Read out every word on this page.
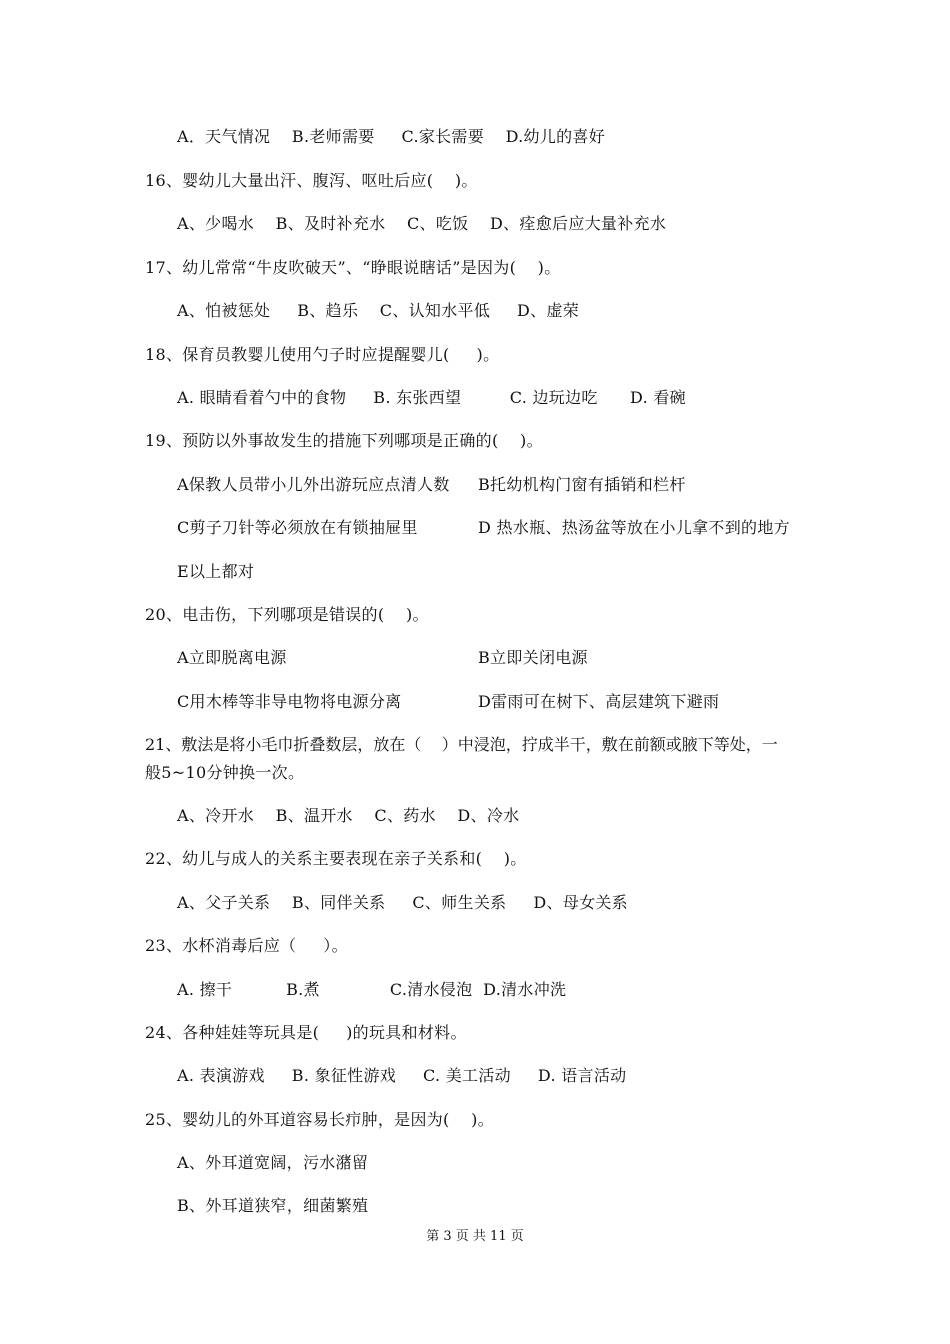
A．天气情况    B.老师需要     C.家长需要    D.幼儿的喜好
16、婴幼儿大量出汗、腹泻、呕吐后应(    )。
A、少喝水    B、及时补充水    C、吃饭    D、痊愈后应大量补充水
17、幼儿常常“牛皮吹破天”、“睁眼说瞎话”是因为(    )。
A、怕被惩处     B、趋乐    C、认知水平低     D、虚荣
18、保育员教婴儿使用勺子时应提醒婴儿(     )。
A. 眼睛看着勺中的食物     B. 东张西望         C. 边玩边吃      D. 看碗
19、预防以外事故发生的措施下列哪项是正确的(    )。
A保教人员带小儿外出游玩应点清人数 B托幼机构门窗有插销和栏杆
C剪子刀针等必须放在有锁抽屉里	D 热水瓶、热汤盆等放在小儿拿不到的地方
E以上都对
20、电击伤，下列哪项是错误的(    )。
A立即脱离电源	B立即关闭电源
C用木棒等非导电物将电源分离	D雷雨可在树下、高层建筑下避雨
21、敷法是将小毛巾折叠数层，放在（    ）中浸泡，拧成半干，敷在前额或腋下等处，一
般5~10分钟换一次。
A、冷开水    B、温开水    C、药水    D、冷水
22、幼儿与成人的关系主要表现在亲子关系和(    )。
A、父子关系    B、同伴关系     C、师生关系     D、母女关系
23、水杯消毒后应（     ）。
A. 擦干          B.煮             C.清水侵泡  D.清水冲洗
24、各种娃娃等玩具是(     )的玩具和材料。
A. 表演游戏     B. 象征性游戏     C. 美工活动     D. 语言活动
25、婴幼儿的外耳道容易长疖肿，是因为(    )。
A、外耳道宽阔，污水潴留
B、外耳道狭窄，细菌繁殖
第 3 页 共 11 页
